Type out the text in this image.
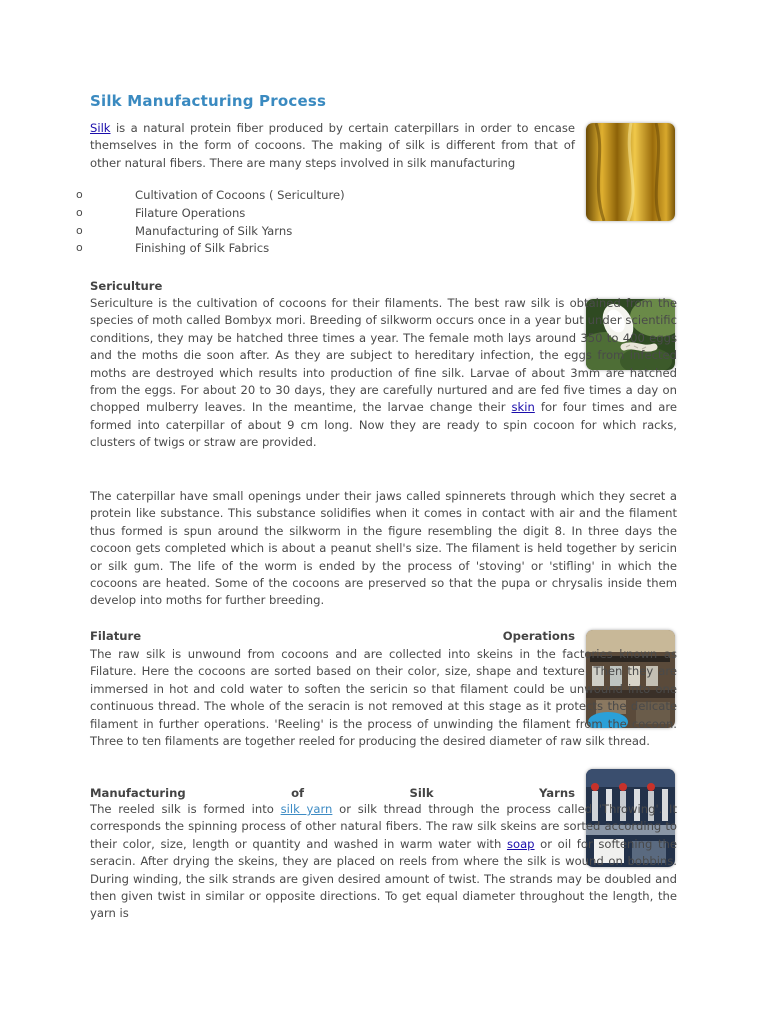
Silk Manufacturing Process

Silk is a natural protein fiber produced by certain caterpillars in order to encase themselves in the form of cocoons. The making of silk is different from that of other natural fibers. There are many steps involved in silk manufacturing

o	Cultivation of Cocoons ( Sericulture)
o	Filature Operations
o	Manufacturing of Silk Yarns
o	Finishing of Silk Fabrics
Sericulture

Sericulture is the cultivation of cocoons for their filaments. The best raw silk is obtained from the species of moth called Bombyx mori. Breeding of silkworm occurs once in a year but under scientific conditions, they may be hatched three times a year. The female moth lays around 350 to 400 eggs and the moths die soon after. As they are subject to hereditary infection, the eggs from infected moths are destroyed which results into production of fine silk. Larvae of about 3mm are hatched from the eggs. For about 20 to 30 days, they are carefully nurtured and are fed five times a day on chopped mulberry leaves. In the meantime, the larvae change their skin for four times and are formed into caterpillar of about 9 cm long. Now they are ready to spin cocoon for which racks, clusters of twigs or straw are provided.

The caterpillar have small openings under their jaws called spinnerets through which they secret a protein like substance. This substance solidifies when it comes in contact with air and the filament thus formed is spun around the silkworm in the figure resembling the digit 8. In three days the cocoon gets completed which is about a peanut shell's size. The filament is held together by sericin or silk gum. The life of the worm is ended by the process of 'stoving' or 'stifling' in which the cocoons are heated. Some of the cocoons are preserved so that the pupa or chrysalis inside them develop into moths for further breeding.

Filature	Operations

The raw silk is unwound from cocoons and are collected into skeins in the factories known as Filature. Here the cocoons are sorted based on their color, size, shape and texture. Then they are immersed in hot and cold water to soften the sericin so that filament could be unwound into one continuous thread. The whole of the seracin is not removed at this stage as it protects the delicate filament in further operations. 'Reeling' is the process of unwinding the filament from the cocoon. Three to ten filaments are together reeled for producing the desired diameter of raw silk thread.

Manufacturing	of	Silk	Yarns

The reeled silk is formed into silk yarn or silk thread through the process called 'Throwing'. It corresponds the spinning process of other natural fibers. The raw silk skeins are sorted according to their color, size, length or quantity and washed in warm water with soap or oil for softening the seracin. After drying the skeins, they are placed on reels from where the silk is wound on bobbins. During winding, the silk strands are given desired amount of twist. The strands may be doubled and then given twist in similar or opposite directions. To get equal diameter throughout the length, the yarn is
